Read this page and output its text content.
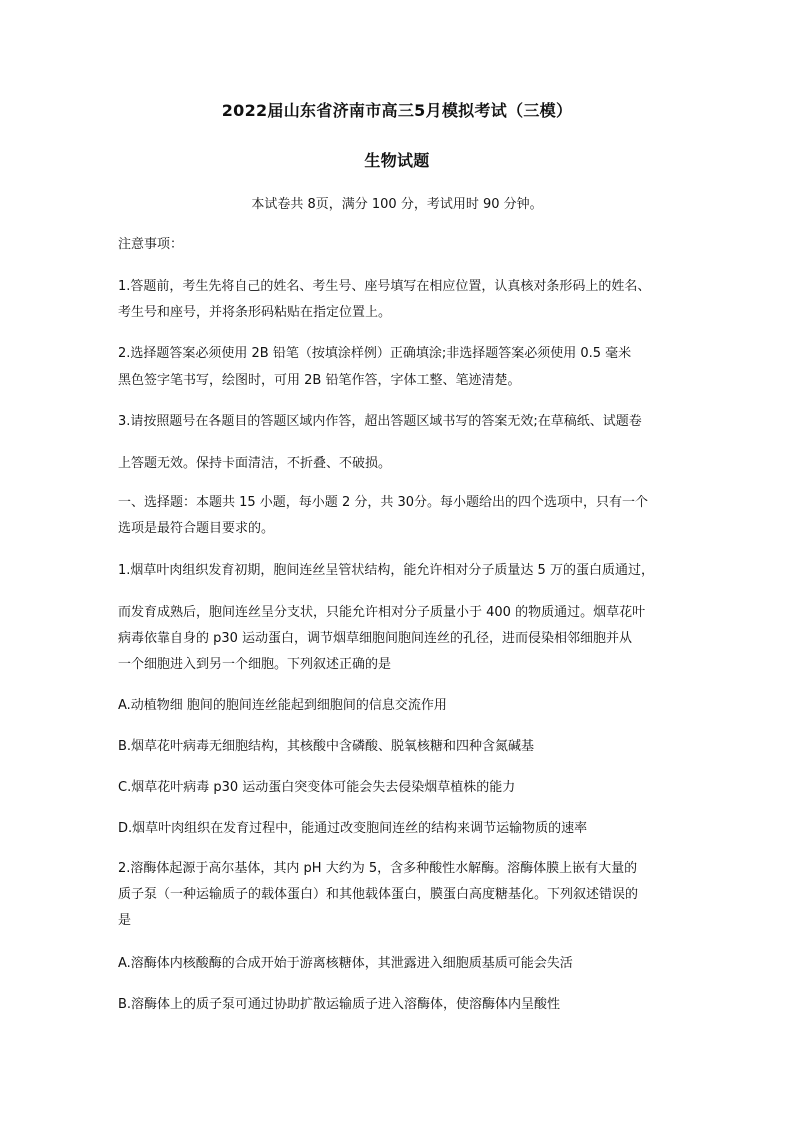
2022届山东省济南市高三5月模拟考试（三模）
生物试题
本试卷共 8页，满分 100 分，考试用时 90 分钟。
注意事项：
1.答题前，考生先将自己的姓名、考生号、座号填写在相应位置，认真核对条形码上的姓名、
考生号和座号，并将条形码粘贴在指定位置上。
2.选择题答案必须使用 2B 铅笔（按填涂样例）正确填涂;非选择题答案必须使用 0.5 毫米
黑色签字笔书写，绘图时，可用 2B 铅笔作答，字体工整、笔迹清楚。
3.请按照题号在各题目的答题区域内作答，超出答题区域书写的答案无效;在草稿纸、试题卷
上答题无效。保持卡面清洁，不折叠、不破损。
一、选择题：本题共 15 小题，每小题 2 分，共 30分。每小题给出的四个选项中，只有一个
选项是最符合题目要求的。
1.烟草叶肉组织发育初期，胞间连丝呈管状结构，能允许相对分子质量达 5 万的蛋白质通过，
而发育成熟后，胞间连丝呈分支状，只能允许相对分子质量小于 400 的物质通过。烟草花叶
病毒依靠自身的 p30 运动蛋白，调节烟草细胞间胞间连丝的孔径，进而侵染相邻细胞并从
一个细胞进入到另一个细胞。下列叙述正确的是
A.动植物细 胞间的胞间连丝能起到细胞间的信息交流作用
B.烟草花叶病毒无细胞结构，其核酸中含磷酸、脱氧核糖和四种含氮碱基
C.烟草花叶病毒 p30 运动蛋白突变体可能会失去侵染烟草植株的能力
D.烟草叶肉组织在发育过程中，能通过改变胞间连丝的结构来调节运输物质的速率
2.溶酶体起源于高尔基体，其内 pH 大约为 5，含多种酸性水解酶。溶酶体膜上嵌有大量的
质子泵（一种运输质子的载体蛋白）和其他载体蛋白，膜蛋白高度糖基化。下列叙述错误的
是
A.溶酶体内核酸酶的合成开始于游离核糖体，其泄露进入细胞质基质可能会失活
B.溶酶体上的质子泵可通过协助扩散运输质子进入溶酶体，使溶酶体内呈酸性
